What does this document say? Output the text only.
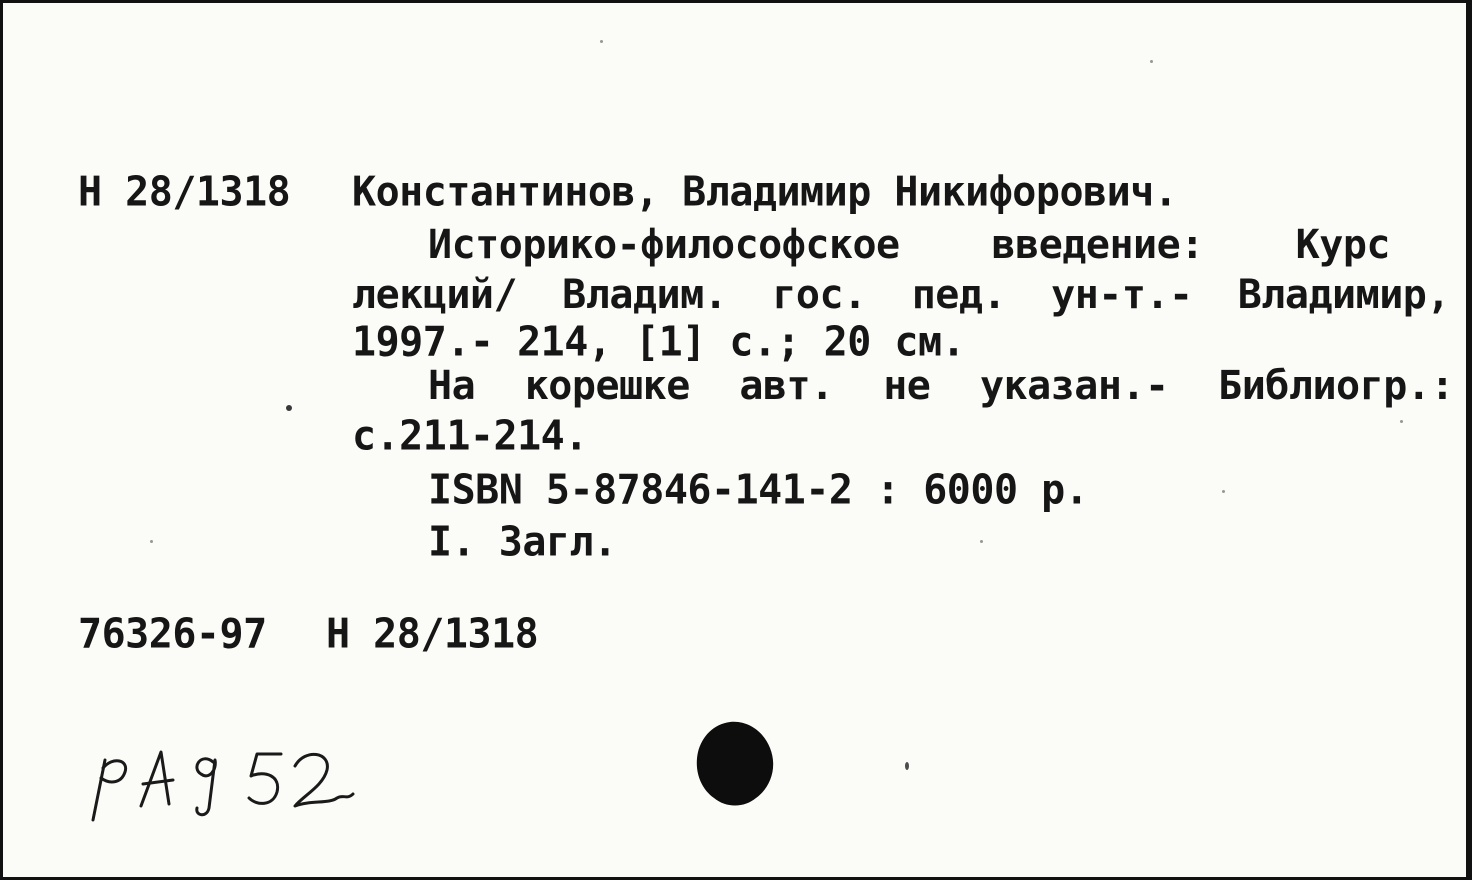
Н 28/1318 Константинов, Владимир Никифорович.
Историко-философское введение: Курс
лекций/ Владим. гос. пед. ун-т.- Владимир,
1997.- 214, [1] с.; 20 см.
На корешке авт. не указан.- Библиогр.:
с.211-214.
ISBN 5-87846-141-2 : 6000 р.
I. Загл.
76326-97 Н 28/1318
